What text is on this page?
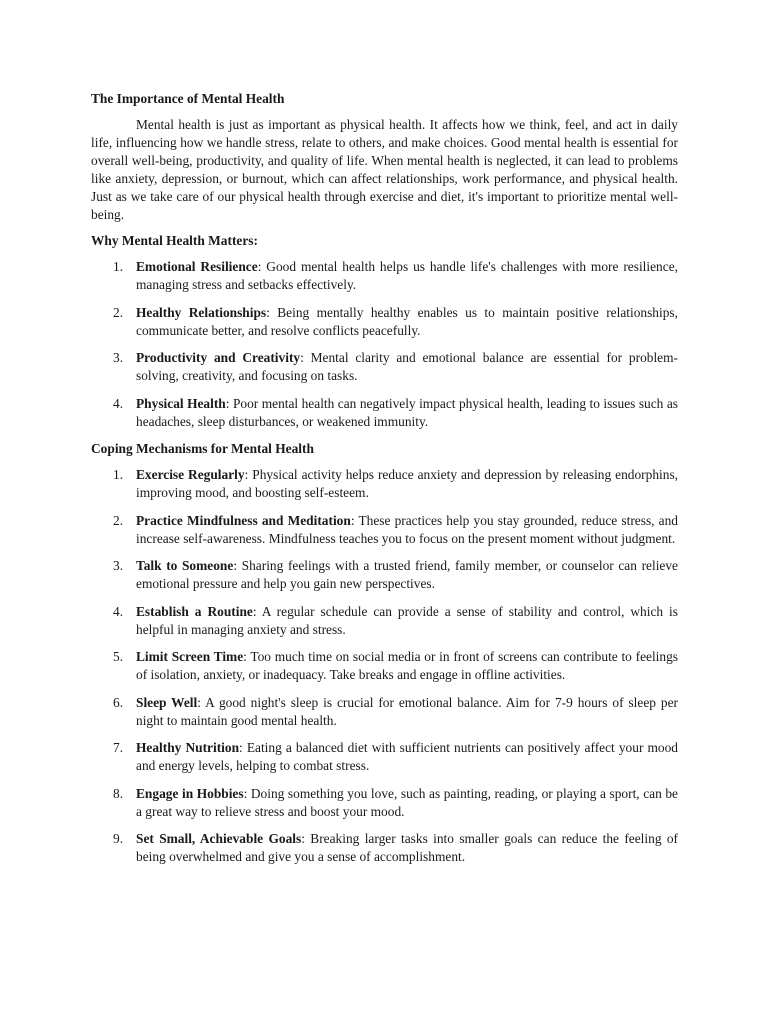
The Importance of Mental Health

Mental health is just as important as physical health. It affects how we think, feel, and act in daily life, influencing how we handle stress, relate to others, and make choices. Good mental health is essential for overall well-being, productivity, and quality of life. When mental health is neglected, it can lead to problems like anxiety, depression, or burnout, which can affect relationships, work performance, and physical health. Just as we take care of our physical health through exercise and diet, it's important to prioritize mental well-being.

Why Mental Health Matters:
1. Emotional Resilience: Good mental health helps us handle life's challenges with more resilience, managing stress and setbacks effectively.
2. Healthy Relationships: Being mentally healthy enables us to maintain positive relationships, communicate better, and resolve conflicts peacefully.
3. Productivity and Creativity: Mental clarity and emotional balance are essential for problem-solving, creativity, and focusing on tasks.
4. Physical Health: Poor mental health can negatively impact physical health, leading to issues such as headaches, sleep disturbances, or weakened immunity.
Coping Mechanisms for Mental Health
1. Exercise Regularly: Physical activity helps reduce anxiety and depression by releasing endorphins, improving mood, and boosting self-esteem.
2. Practice Mindfulness and Meditation: These practices help you stay grounded, reduce stress, and increase self-awareness. Mindfulness teaches you to focus on the present moment without judgment.
3. Talk to Someone: Sharing feelings with a trusted friend, family member, or counselor can relieve emotional pressure and help you gain new perspectives.
4. Establish a Routine: A regular schedule can provide a sense of stability and control, which is helpful in managing anxiety and stress.
5. Limit Screen Time: Too much time on social media or in front of screens can contribute to feelings of isolation, anxiety, or inadequacy. Take breaks and engage in offline activities.
6. Sleep Well: A good night's sleep is crucial for emotional balance. Aim for 7-9 hours of sleep per night to maintain good mental health.
7. Healthy Nutrition: Eating a balanced diet with sufficient nutrients can positively affect your mood and energy levels, helping to combat stress.
8. Engage in Hobbies: Doing something you love, such as painting, reading, or playing a sport, can be a great way to relieve stress and boost your mood.
9. Set Small, Achievable Goals: Breaking larger tasks into smaller goals can reduce the feeling of being overwhelmed and give you a sense of accomplishment.
